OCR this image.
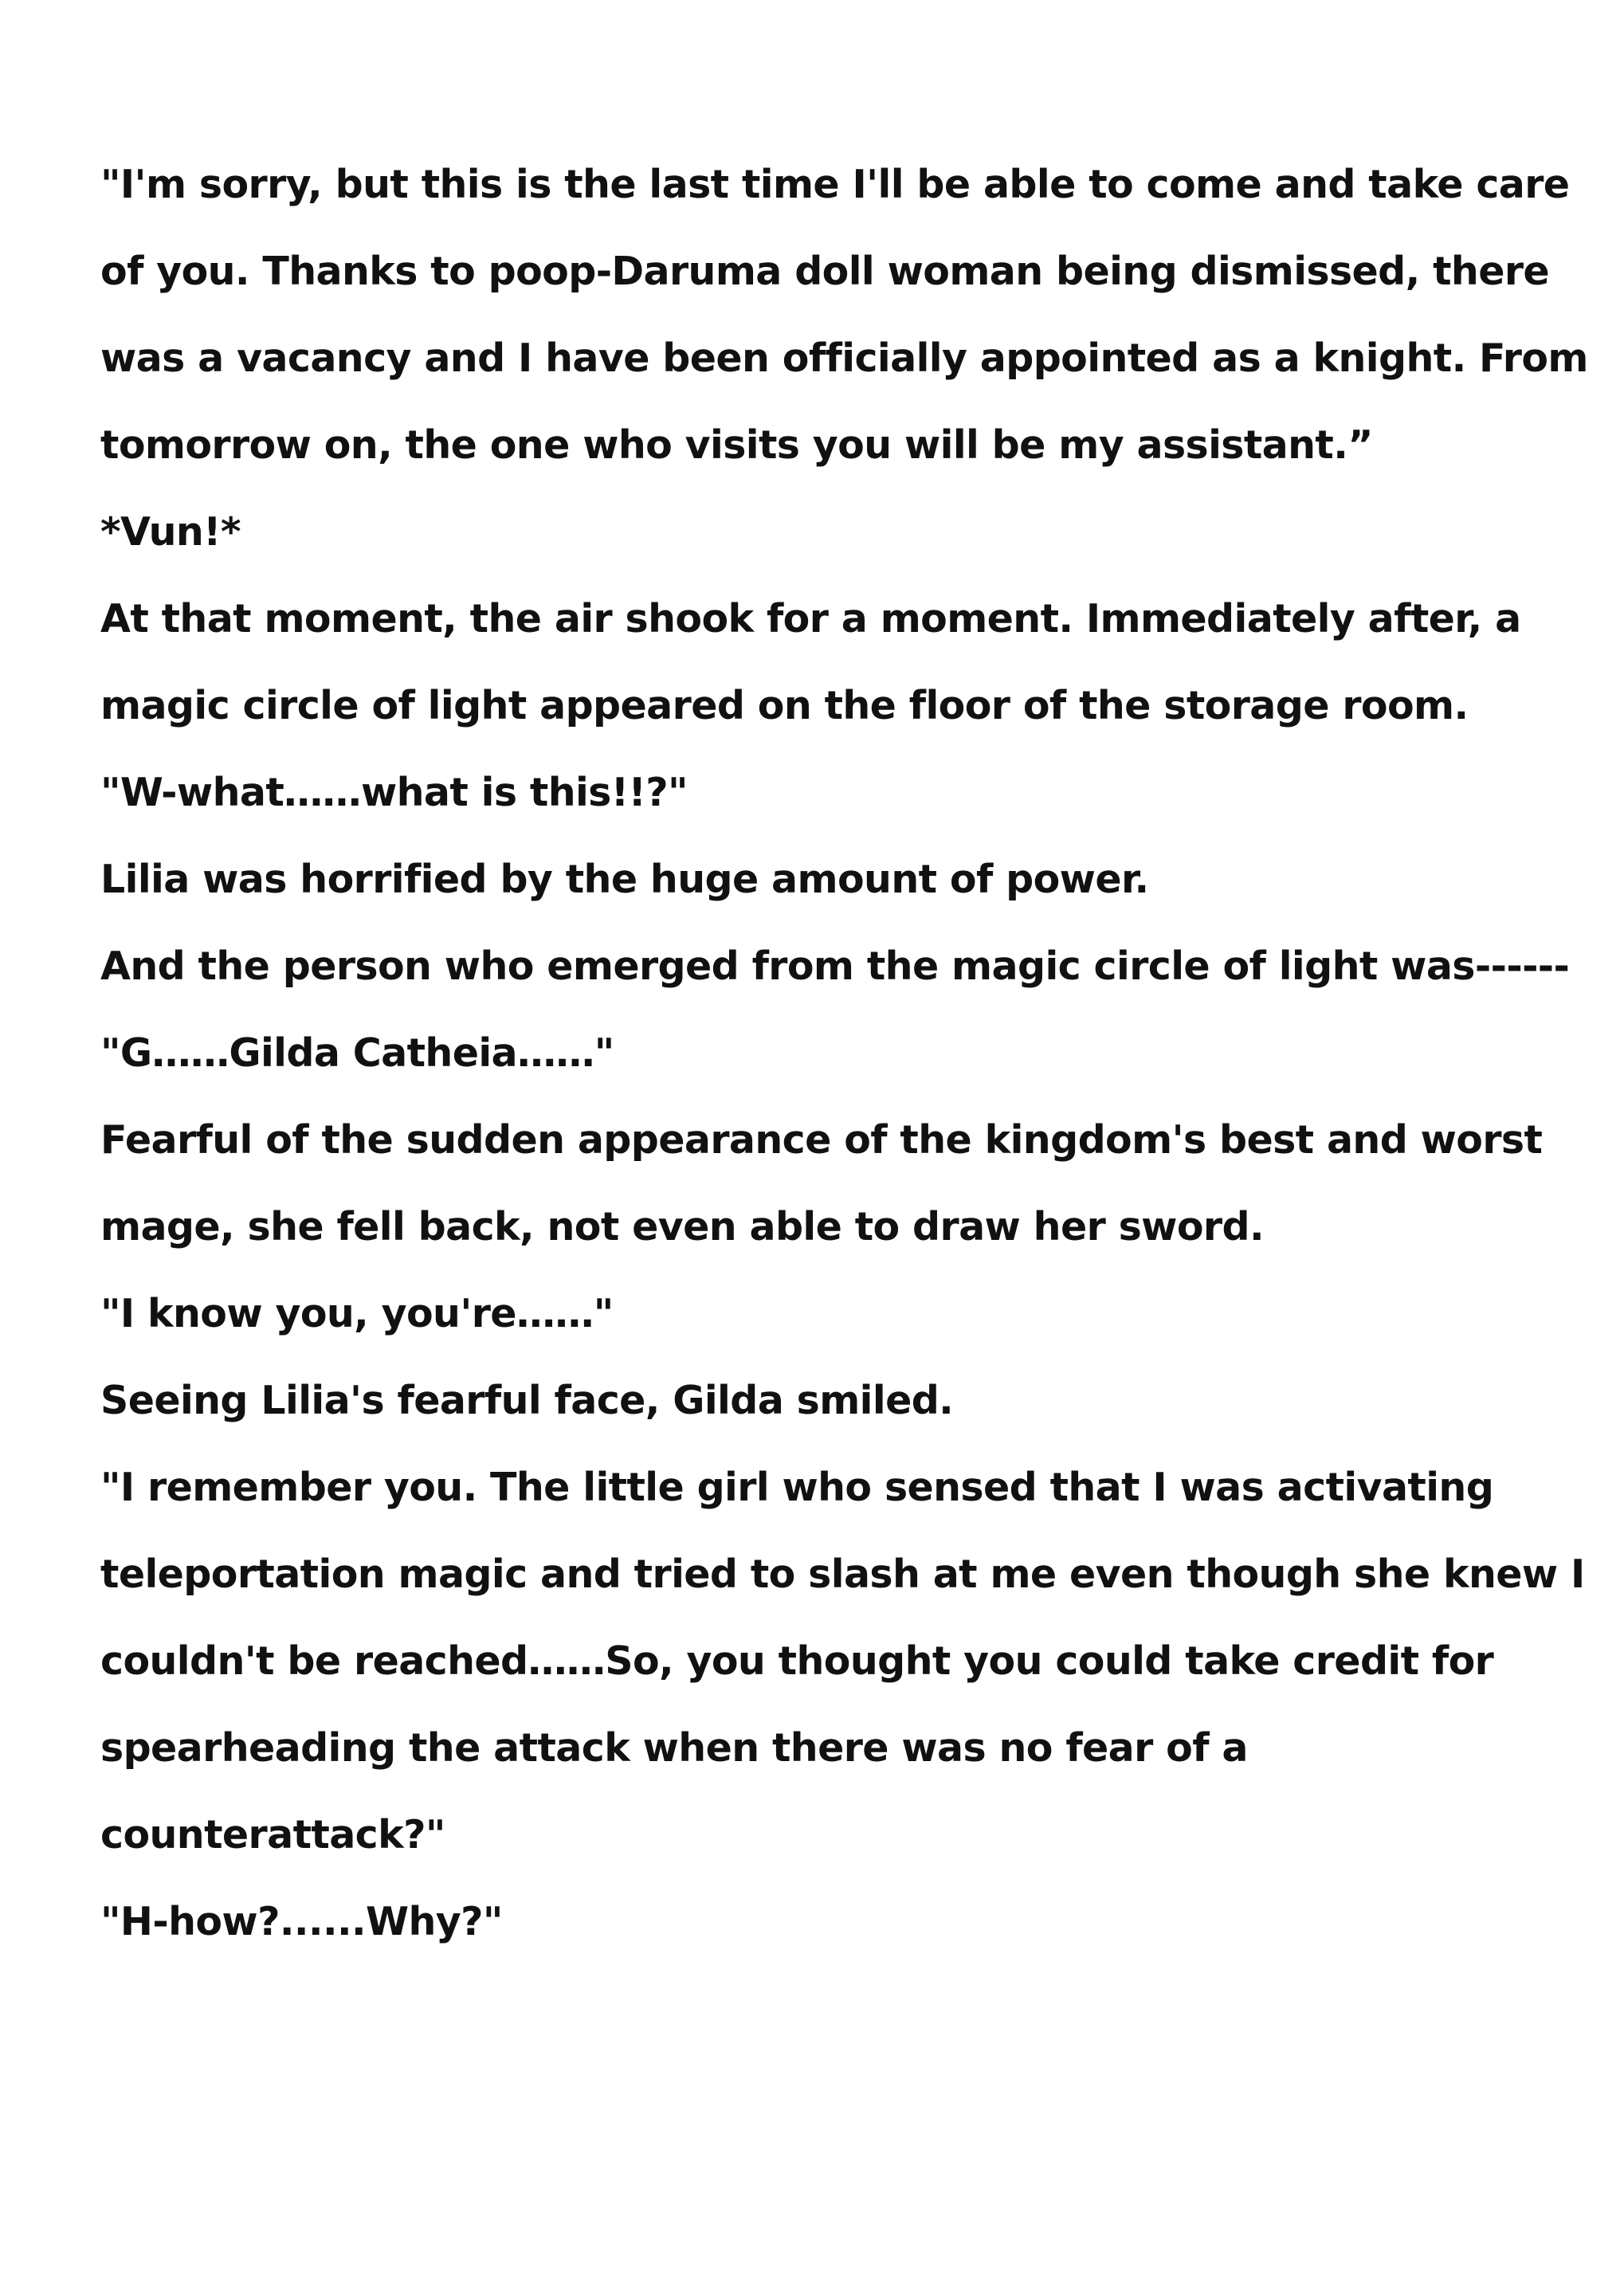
"I'm sorry, but this is the last time I'll be able to come and take care
of you. Thanks to poop-Daruma doll woman being dismissed, there
was a vacancy and I have been officially appointed as a knight. From
tomorrow on, the one who visits you will be my assistant.”
*Vun!*
At that moment, the air shook for a moment. Immediately after, a
magic circle of light appeared on the floor of the storage room.
"W-what……what is this!!?"
Lilia was horrified by the huge amount of power.
And the person who emerged from the magic circle of light was------
"G……Gilda Catheia……"
Fearful of the sudden appearance of the kingdom's best and worst
mage, she fell back, not even able to draw her sword.
"I know you, you're……"
Seeing Lilia's fearful face, Gilda smiled.
"I remember you. The little girl who sensed that I was activating
teleportation magic and tried to slash at me even though she knew I
couldn't be reached……So, you thought you could take credit for
spearheading the attack when there was no fear of a
counterattack?"
"H-how?......Why?"
